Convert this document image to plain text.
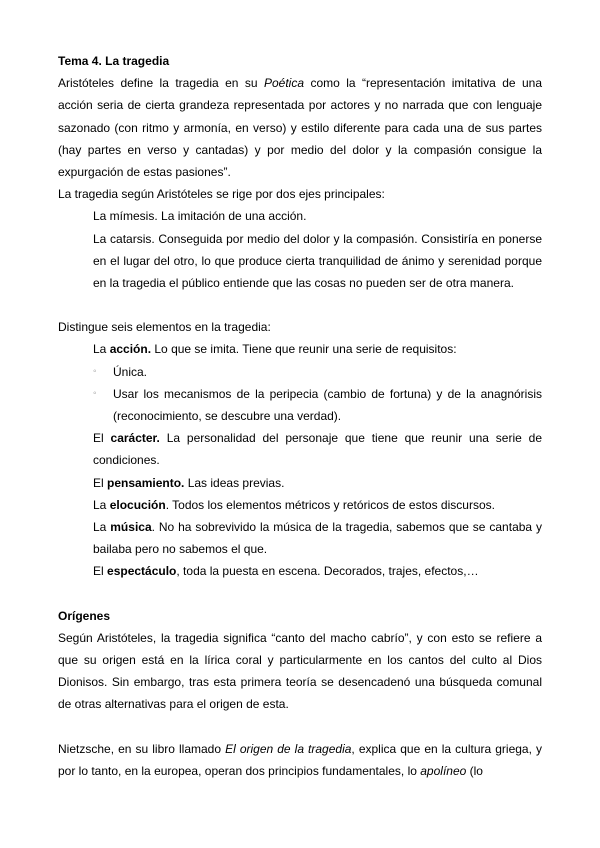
Tema 4. La tragedia

Aristóteles define la tragedia en su Poética como la “representación imitativa de una acción seria de cierta grandeza representada por actores y no narrada que con lenguaje sazonado (con ritmo y armonía, en verso) y estilo diferente para cada una de sus partes (hay partes en verso y cantadas) y por medio del dolor y la compasión consigue la expurgación de estas pasiones”.

La tragedia según Aristóteles se rige por dos ejes principales:

La mímesis. La imitación de una acción.

La catarsis. Conseguida por medio del dolor y la compasión. Consistiría en ponerse en el lugar del otro, lo que produce cierta tranquilidad de ánimo y serenidad porque en la tragedia el público entiende que las cosas no pueden ser de otra manera.

Distingue seis elementos en la tragedia:

La acción. Lo que se imita. Tiene que reunir una serie de requisitos:

◦ Única.
◦ Usar los mecanismos de la peripecia (cambio de fortuna) y de la anagnórisis (reconocimiento, se descubre una verdad).

El carácter. La personalidad del personaje que tiene que reunir una serie de condiciones.

El pensamiento. Las ideas previas.

La elocución. Todos los elementos métricos y retóricos de estos discursos.

La música. No ha sobrevivido la música de la tragedia, sabemos que se cantaba y bailaba pero no sabemos el que.

El espectáculo, toda la puesta en escena. Decorados, trajes, efectos,…

Orígenes

Según Aristóteles, la tragedia significa “canto del macho cabrío”, y con esto se refiere a que su origen está en la lírica coral y particularmente en los cantos del culto al Dios Dionisos. Sin embargo, tras esta primera teoría se desencadenó una búsqueda comunal de otras alternativas para el origen de esta.

Nietzsche, en su libro llamado El origen de la tragedia, explica que en la cultura griega, y por lo tanto, en la europea, operan dos principios fundamentales, lo apolíneo (lo
